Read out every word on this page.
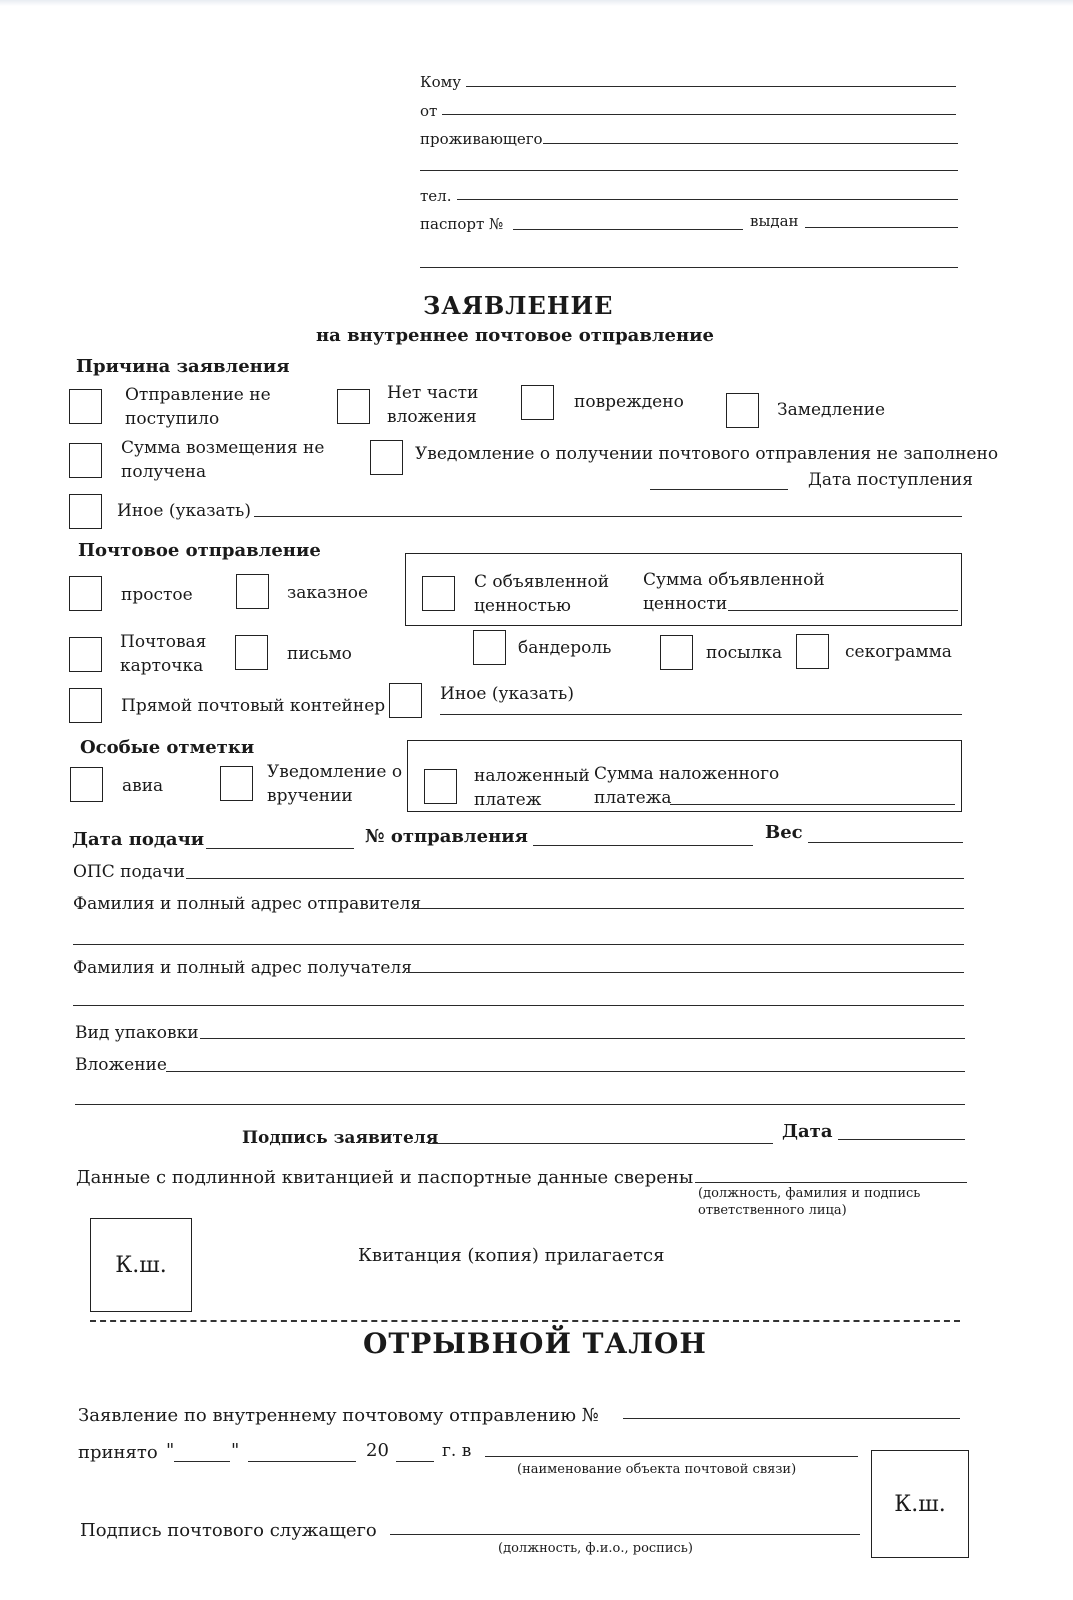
Кому
от
проживающего
тел.
паспорт №	выдан
ЗАЯВЛЕНИЕ
на внутреннее почтовое отправление
Причина заявления
Отправление не
поступило
Нет части
вложения
повреждено	Замедление
Сумма возмещения не
получена
Уведомление о получении почтового отправления не заполнено
Дата поступления
Иное (указать)
Почтовое отправление
простое	заказное
С объявленной
ценностью
Сумма объявленной
ценности
Почтовая
карточка
письмо	бандероль	посылка	секограмма
Прямой почтовый контейнер
Иное (указать)
Особые отметки
авиа
Уведомление о
вручении
наложенный
платеж
Сумма наложенного
платежа
Дата подачи	№ отправления	Вес
ОПС подачи
Фамилия и полный адрес отправителя
Фамилия и полный адрес получателя
Вид упаковки
Вложение
Подпись заявителя	Дата
Данные с подлинной квитанцией и паспортные данные сверены
(должность, фамилия и подпись
ответственного лица)
К.ш.	Квитанция (копия) прилагается
ОТРЫВНОЙ ТАЛОН
Заявление по внутреннему почтовому отправлению №
принято "	"	20	г. в
(наименование объекта почтовой связи)
К.ш.
Подпись почтового служащего
(должность, ф.и.о., роспись)
